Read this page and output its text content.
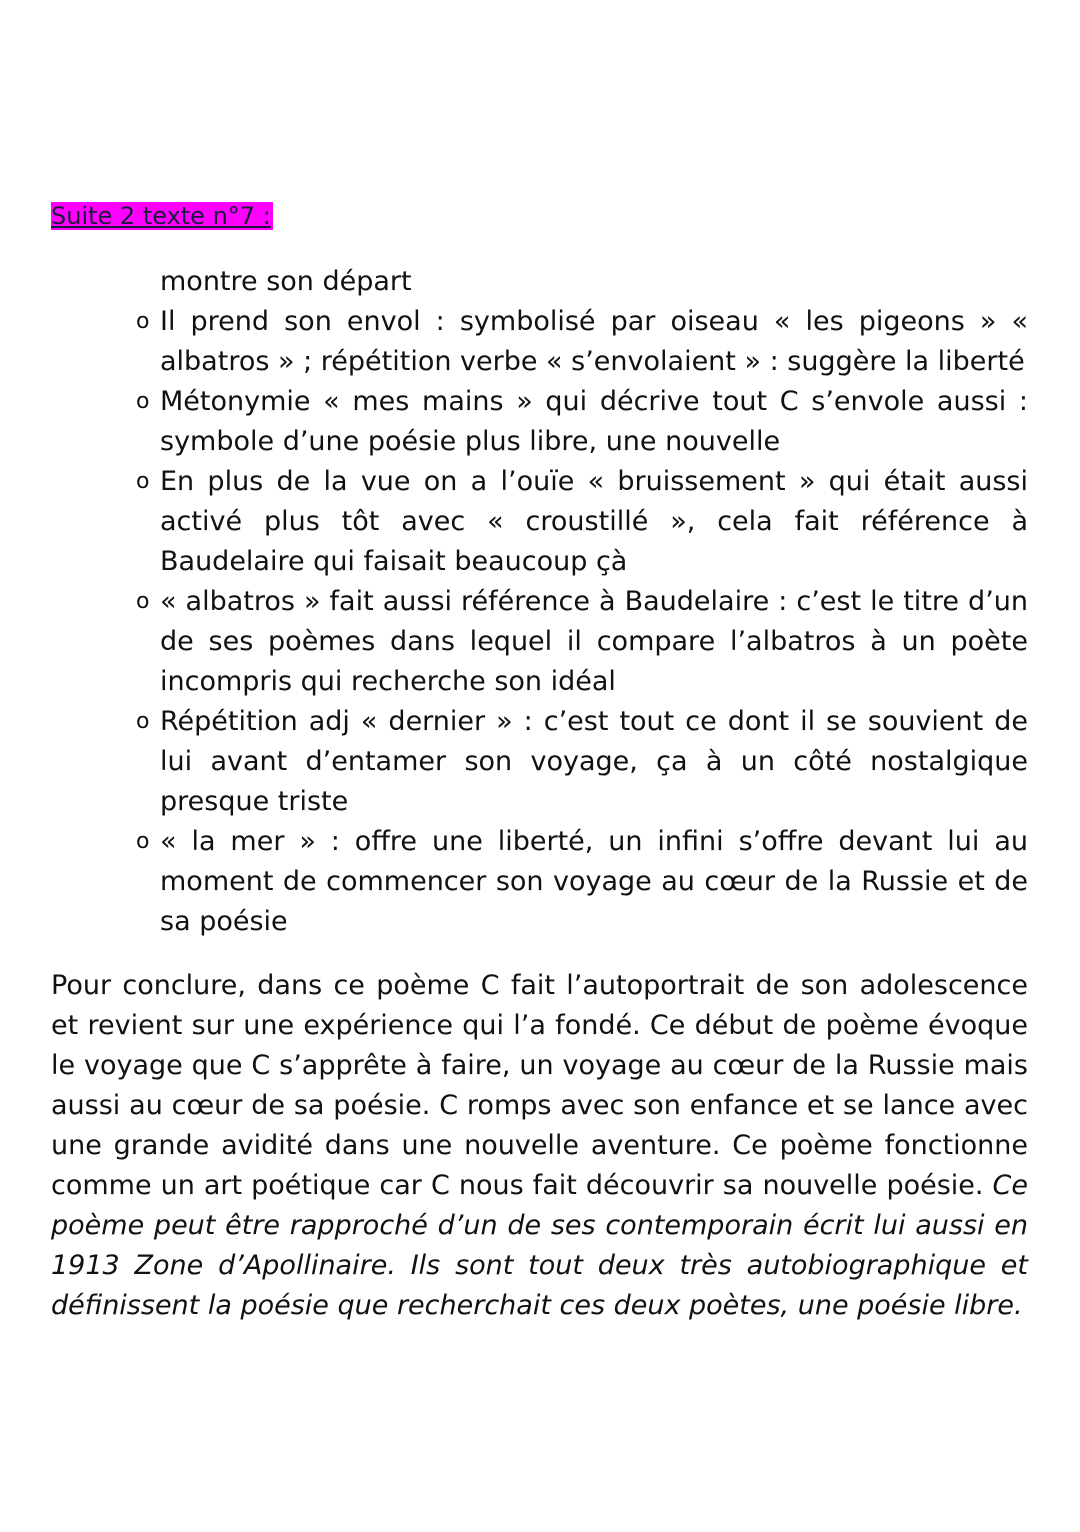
Suite 2 texte n°7 :
montre son départ
o Il prend son envol : symbolisé par oiseau « les pigeons » « albatros » ; répétition verbe « s’envolaient » : suggère la liberté
o Métonymie « mes mains » qui décrive tout C s’envole aussi : symbole d’une poésie plus libre, une nouvelle
o En plus de la vue on a l’ouïe « bruissement » qui était aussi activé plus tôt avec « croustillé », cela fait référence à Baudelaire qui faisait beaucoup çà
o « albatros » fait aussi référence à Baudelaire : c’est le titre d’un de ses poèmes dans lequel il compare l’albatros à un poète incompris qui recherche son idéal
o Répétition adj « dernier » : c’est tout ce dont il se souvient de lui avant d’entamer son voyage, ça à un côté nostalgique presque triste
o « la mer » : offre une liberté, un infini s’offre devant lui au moment de commencer son voyage au cœur de la Russie et de sa poésie
Pour conclure, dans ce poème C fait l’autoportrait de son adolescence et revient sur une expérience qui l’a fondé. Ce début de poème évoque le voyage que C s’apprête à faire, un voyage au cœur de la Russie mais aussi au cœur de sa poésie. C romps avec son enfance et se lance avec une grande avidité dans une nouvelle aventure. Ce poème fonctionne comme un art poétique car C nous fait découvrir sa nouvelle poésie. Ce poème peut être rapproché d’un de ses contemporain écrit lui aussi en 1913 Zone d’Apollinaire. Ils sont tout deux très autobiographique et définissent la poésie que recherchait ces deux poètes, une poésie libre.
